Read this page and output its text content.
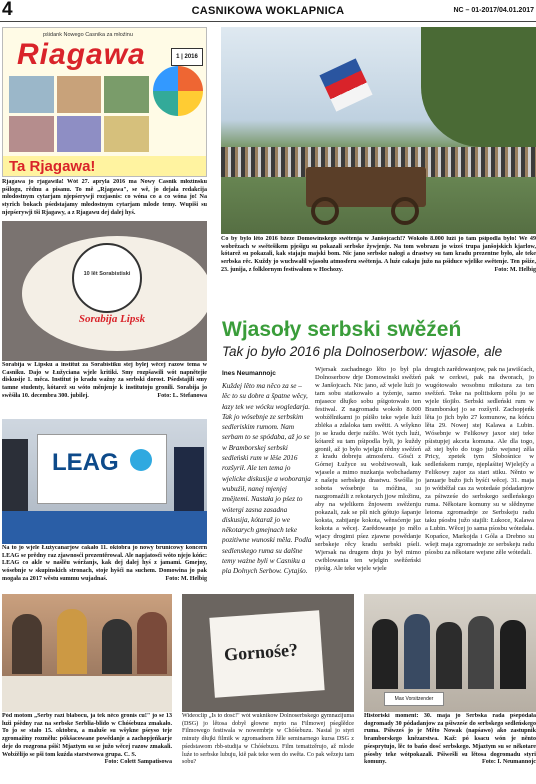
4	CASNIKOWA WOKLAPNICA	NC – 01-2017/04.01.2017
pśidank Nowego Casnika za młoźinu
Riagawa	1 | 2016
Ta Rjagawa!
Rjagawa jo rjagawila! Wót 27. apryla 2016 ma Nowy Casnik młoźinsku pśilogu, rědnu a pisanu. To mě „Rjagawa", se wě, jo dejała redakcija młodostnym cytarjam njepśerywji rozjasnis: co wóna co a co wóna jo! Na styrich bokach pśedstajamy młodostnym cytarjam mlode temy. Wupiši su njepśerywji tši Rjagawy, a z Rjagawu dej dalej hyś.
Co by bylo lěto 2016 bźeze Domowinskego swětenja w Janšojcach!? Wokoło 8.000 luźi jo tam pśipodla było! We 49 wobrězach w swětešikem pjeśigu su pokazali serbske žywjenje. Na tom wobrazu jo wiześ trupa janšojskich kjarlow, kótarež su pokazali, kak stajaju majski bom. Nic jano serbske nałogi a drastwy su tam kradu prezentne było, ale teke serbska rěc. Kuždy jo wuchwałil wjasołu atmosferu swětenja. A luźe cakaju južo na pśiduce wjelike swětenje. Ten pśiźe, 23. junija, z folklornym festiwalom w Hochozy.	Foto: M. Helbig
10 lět Sorabistiski
Sorabija Lipsk
Sorabija w Lipsku a institut za Sorabistiku stej bylej wěcej razow tema w Casniku. Dajo w Łužyciana wjele kritiki. Smy rozpšawili wót napnětejie diskusije 1. měca. Institut jo kradu wažny za serbski dorost. Pśedstajili smy tamne studenty, kótarež su wóto měnjenje k institutoju gronili. Sorabija jo swěśiła 10. decembra 300. jubilej.	Foto: L. Stefanowa
LEAG
Na to jo wjele Łużycanarjow cakało 11. oktobra jo nowy brunicowy koncern LEAG se prědny raz zjawnosći prezentěrowal. Ale napjatosći wóto njejo kóńc: LEAG co akle w naślěu wóržanjs, kak dej dalej hyś z jamami. Gmejny, wósebnje w skupinskich stronach, stoje hyšći na suchem. Domowina jo pak mogała za 2017 wěstu summu wujadnaś.	Foto: M. Helbig
Wjasoły serbski swěźeń
Tak jo było 2016 pla Dolnoserbow: wjasołe, ale
Ines Neumannojc
Kuždej lěto ma něco za se – lěc to su dobre a špatne wěcy, łazy tek we wócku wogledarja. Tak jo wósebnje ze serbskim sedleriskim rumom. Nam serbam to se spódaba, až jo se w Bramborskej serbski sedleński rum w lěśe 2016 rozšyrił. Ale ten tema jo wjelicke diskusije a woboranja wubuźił, nanej mjenjej změjtemi. Nastała jo pśez to wótergi zasna zasadna diskusija, kótaraž jo we někotarych gmejnach teke pozitiwne wunoski měla. Podla sedlenskego ruma su dalšne temy ważne byli w Casniku a pla Dolnych Serbow. Cytajśo.
Wjersak zachadnego lěto jo był pla Dolnoserbow drje Domowinski swěźeń w Janšojcach. Nic jano, až wjele luźi jo tam sobu statkowało a tyźenje, samo mjasece dłujko sobu pśigotowało ten festiwal. Z nagromadu wokoło 8.000 wobźělnikarni jo pśišło teke wjele luźi zblėka a zdaloka tam swětit. A wšykno jo se kradu derje raźiło. Wót tych luźi, kótarež su tam pśipodla byli, jo kuždy gronił, až jo było wjelgin rědny swěźeń z kradu dobreju atmosferu. Gósći z Górnej Łužyce su wobźiwowali, kak wjasele a mimo nuzkanja wobchadamy z našeju serbskeju drastwu. Swóšla jo sobota wósebnje ta móžina, su nazgromaźili z rekotarych jjow mložinu, aby na wjelikem žnjowem swěźenju pokazali, zak se pši nich gótujo šapanje koksta, zabijanje kokota, wěnsćenje jaz kokota a wěcej. Zarědowanje jo mělo wjacy drogimi pśez zjawne powědanje serbskeje rěcy kradu serbski pśeli. Wjersak na drugem dnju jo był mimo cwiblowania ten wjelgin swěźeński pjeśig. Ale teke wjele wjele
drugich zarědowanjow, pak na jawišćach, pak w cerkwi, pak na dworach, jo wugótowało wosobnu mikstura za ten swěźeń. Teke na politiskem pólu jo se wjele tšojiło. Serbski sedleński rum w Bramborskej jo se rozšyrił. Zachopjeńk lěta jo jich było 27 komunow, na kóńcu lěta 29. Nowej stej Kalawa a Lubin. Wósebnje w Felikowy jaxor stej teke pśistupjej akceta komuna. Ale dla togo, až stej było do togo južo wejsnej zěla Pricy, zpetek tym Słobośnice w sedleńskem rumje, njeplaśitej Wjelejčy a Felikowy zajor za stari stiku. Něnto w januarje bužo jich byśći wěcej. 31. maja jo wótběžał cas za wotedaśe pódadanjow za pśiwześe do serbskego sedleńskego ruma. Někotare komuny su w slědnyme letoma zgromadnje ze Serbskeju radu taku pśosbu južo stajili: Łukoce, Kalawa a Lubin. Wěcej jo sama pśosbu wótedała. Kopańce, Markojda i Góla a Drebno su wšejt maja zgromadnje ze serbskeju radu pśosbu za někotare wejsne zěle wótedali.
Pód motom „Serby razi blabocu, ja tek něco gronis cu!" jo se 13 luźi pśėdny raz na serbske Serblia-blido w Chóśebuza zmakało. To jo se stało 15. oktobra, a maluše su wšykne pśeyso teje zgromażiny rozmělu: pókšacowane powědanje a zachopjeńkarje deje do rozgrona pśiś! Mjaztym su se južo wěcej razow zmakali. Wobźělijo se pši tom kuźda starstwowa grupa. C. S.
Foto: Colett Sampatisowa
Gornośe?
Wideoclip „Is to dosć!" wót wuknikow Dolnoserbskego gymnazijuma (DSG) jo lětosa dobył głowne myto na Filmowej pśeglědce Filmowego festiwala w nowembrje w Chóśebuzu. Nastal jo styri minuty dłujki filmik w zgromadnem žěle seminarnego kursa DSG z pśedstawom rbb-studija w Chóśebuzu. Film tematizěrujo, až mlode luźe to serbske lubuju, kiě pak teke wen do swěta. Co pak wězeju tam sobu?
Max Vorsitzender
Historiski moment: 30. maja jo Serbska rada pśepódała dogromady 30 pódadanjow za pśiwześe do serbskego sedleńskego ruma. Pśiwześ jo je Měto Nowak (napśawo) ako zastupnik bramborskego knězarstwa. Kaž: pó ksacu wón je něnto pśesprytujo, lěc to bańo dosć serbskego. Mjaztym su se někotare pśosby teke wótpokazali. Pśiwešli su lětosa dogromadu styri komuny.	Foto: I. Neumannojc
